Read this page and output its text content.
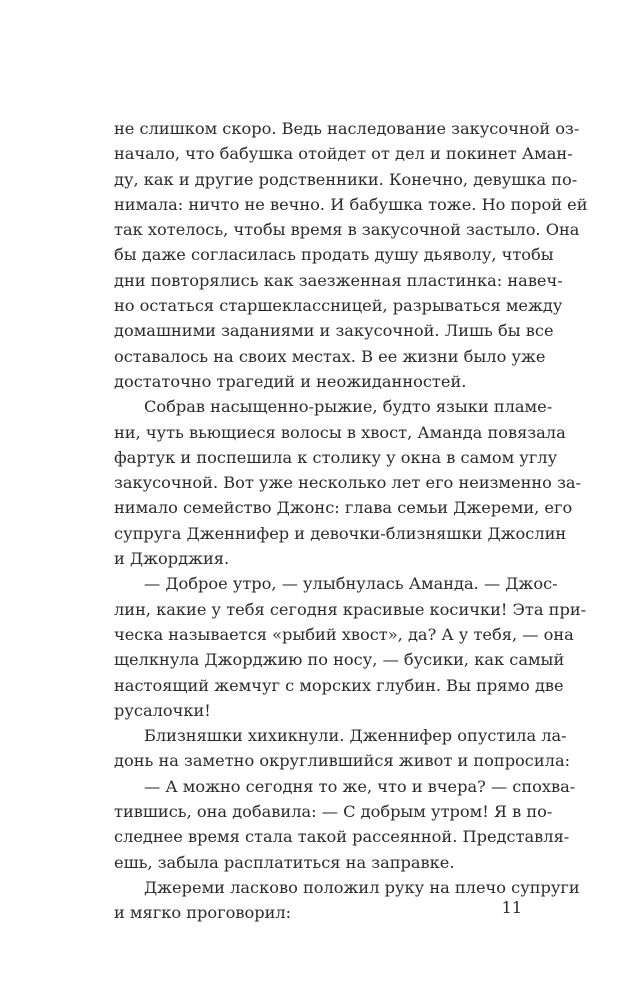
не слишком скоро. Ведь наследование закусочной оз-
начало, что бабушка отойдет от дел и покинет Аман-
ду, как и другие родственники. Конечно, девушка по-
нимала: ничто не вечно. И бабушка тоже. Но порой ей
так хотелось, чтобы время в закусочной застыло. Она
бы даже согласилась продать душу дьяволу, чтобы
дни повторялись как заезженная пластинка: навеч-
но остаться старшеклассницей, разрываться между
домашними заданиями и закусочной. Лишь бы все
оставалось на своих местах. В ее жизни было уже
достаточно трагедий и неожиданностей.
Собрав насыщенно-рыжие, будто языки пламе-
ни, чуть вьющиеся волосы в хвост, Аманда повязала
фартук и поспешила к столику у окна в самом углу
закусочной. Вот уже несколько лет его неизменно за-
нимало семейство Джонс: глава семьи Джереми, его
супруга Дженнифер и девочки-близняшки Джослин
и Джорджия.
— Доброе утро, — улыбнулась Аманда. — Джос-
лин, какие у тебя сегодня красивые косички! Эта при-
ческа называется «рыбий хвост», да? А у тебя, — она
щелкнула Джорджию по носу, — бусики, как самый
настоящий жемчуг с морских глубин. Вы прямо две
русалочки!
Близняшки хихикнули. Дженнифер опустила ла-
донь на заметно округлившийся живот и попросила:
— А можно сегодня то же, что и вчера? — спохва-
тившись, она добавила: — С добрым утром! Я в по-
следнее время стала такой рассеянной. Представля-
ешь, забыла расплатиться на заправке.
Джереми ласково положил руку на плечо супруги
и мягко проговорил:	11
